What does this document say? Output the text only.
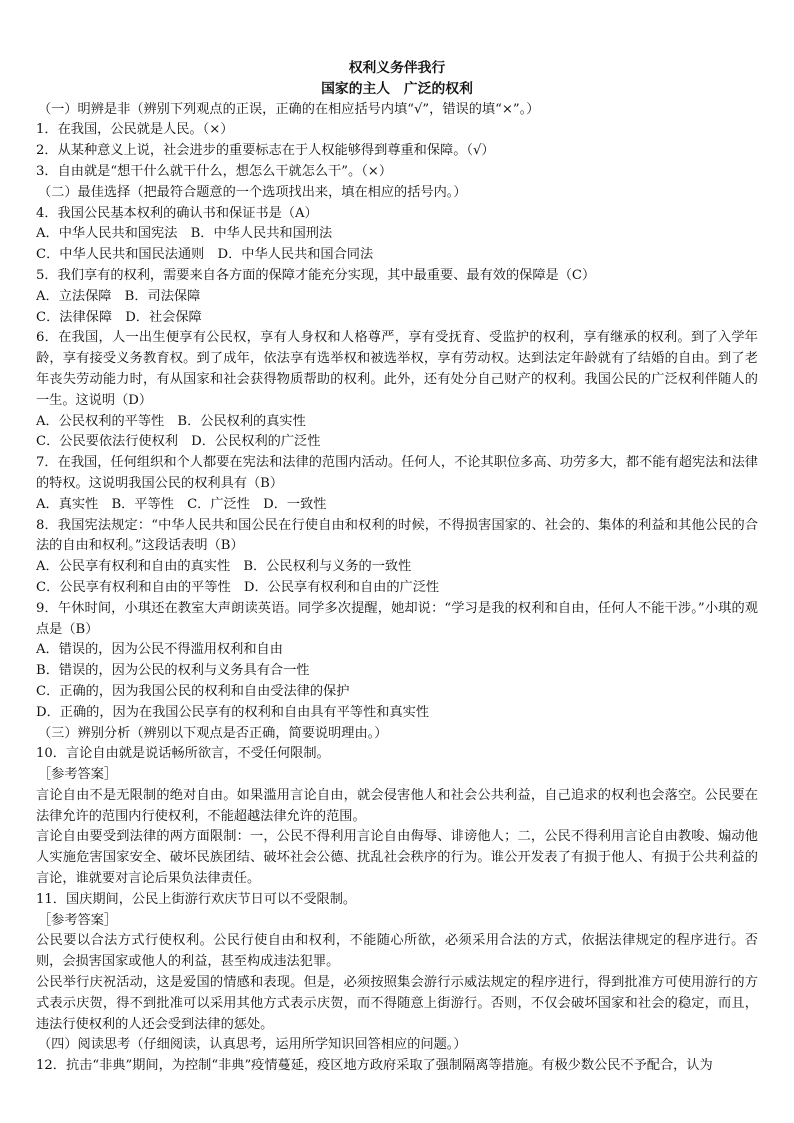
权利义务伴我行
国家的主人　广泛的权利
（一）明辨是非（辨别下列观点的正误，正确的在相应括号内填“√”，错误的填“×”。）
1．在我国，公民就是人民。（×）
2．从某种意义上说，社会进步的重要标志在于人权能够得到尊重和保障。（√）
3．自由就是“想干什么就干什么，想怎么干就怎么干”。（×）
（二）最佳选择（把最符合题意的一个选项找出来，填在相应的括号内。）
4．我国公民基本权利的确认书和保证书是（A）
A．中华人民共和国宪法　B．中华人民共和国刑法
C．中华人民共和国民法通则　D．中华人民共和国合同法
5．我们享有的权利，需要来自各方面的保障才能充分实现，其中最重要、最有效的保障是（C）
A．立法保障　B．司法保障
C．法律保障　D．社会保障
6．在我国，人一出生便享有公民权，享有人身权和人格尊严，享有受抚育、受监护的权利，享有继承的权利。到了入学年龄，享有接受义务教育权。到了成年，依法享有选举权和被选举权，享有劳动权。达到法定年龄就有了结婚的自由。到了老年丧失劳动能力时，有从国家和社会获得物质帮助的权利。此外，还有处分自己财产的权利。我国公民的广泛权利伴随人的一生。这说明（D）
A．公民权利的平等性　B．公民权利的真实性
C．公民要依法行使权利　D．公民权利的广泛性
7．在我国，任何组织和个人都要在宪法和法律的范围内活动。任何人，不论其职位多高、功劳多大，都不能有超宪法和法律的特权。这说明我国公民的权利具有（B）
A．真实性　B．平等性　C．广泛性　D．一致性
8．我国宪法规定：“中华人民共和国公民在行使自由和权利的时候，不得损害国家的、社会的、集体的利益和其他公民的合法的自由和权利。”这段话表明（B）
A．公民享有权利和自由的真实性　B．公民权利与义务的一致性
C．公民享有权利和自由的平等性　D．公民享有权利和自由的广泛性
9．午休时间，小琪还在教室大声朗读英语。同学多次提醒，她却说：“学习是我的权利和自由，任何人不能干涉。”小琪的观点是（B）
A．错误的，因为公民不得滥用权利和自由
B．错误的，因为公民的权利与义务具有合一性
C．正确的，因为我国公民的权利和自由受法律的保护
D．正确的，因为在我国公民享有的权利和自由具有平等性和真实性
（三）辨别分析（辨别以下观点是否正确，简要说明理由。）
10．言论自由就是说话畅所欲言，不受任何限制。
［参考答案］
言论自由不是无限制的绝对自由。如果滥用言论自由，就会侵害他人和社会公共利益，自己追求的权利也会落空。公民要在法律允许的范围内行使权利，不能超越法律允许的范围。
言论自由要受到法律的两方面限制：一，公民不得利用言论自由侮辱、诽谤他人；二，公民不得利用言论自由教唆、煽动他人实施危害国家安全、破坏民族团结、破坏社会公德、扰乱社会秩序的行为。谁公开发表了有损于他人、有损于公共利益的言论，谁就要对言论后果负法律责任。
11．国庆期间，公民上街游行欢庆节日可以不受限制。
［参考答案］
公民要以合法方式行使权利。公民行使自由和权利，不能随心所欲，必须采用合法的方式，依据法律规定的程序进行。否则，会损害国家或他人的利益，甚至构成违法犯罪。
公民举行庆祝活动，这是爱国的情感和表现。但是，必须按照集会游行示威法规定的程序进行，得到批准方可使用游行的方式表示庆贺，得不到批准可以采用其他方式表示庆贺，而不得随意上街游行。否则，不仅会破坏国家和社会的稳定，而且，违法行使权利的人还会受到法律的惩处。
（四）阅读思考（仔细阅读，认真思考，运用所学知识回答相应的问题。）
12．抗击“非典”期间，为控制“非典”疫情蔓延，疫区地方政府采取了强制隔离等措施。有极少数公民不予配合，认为
